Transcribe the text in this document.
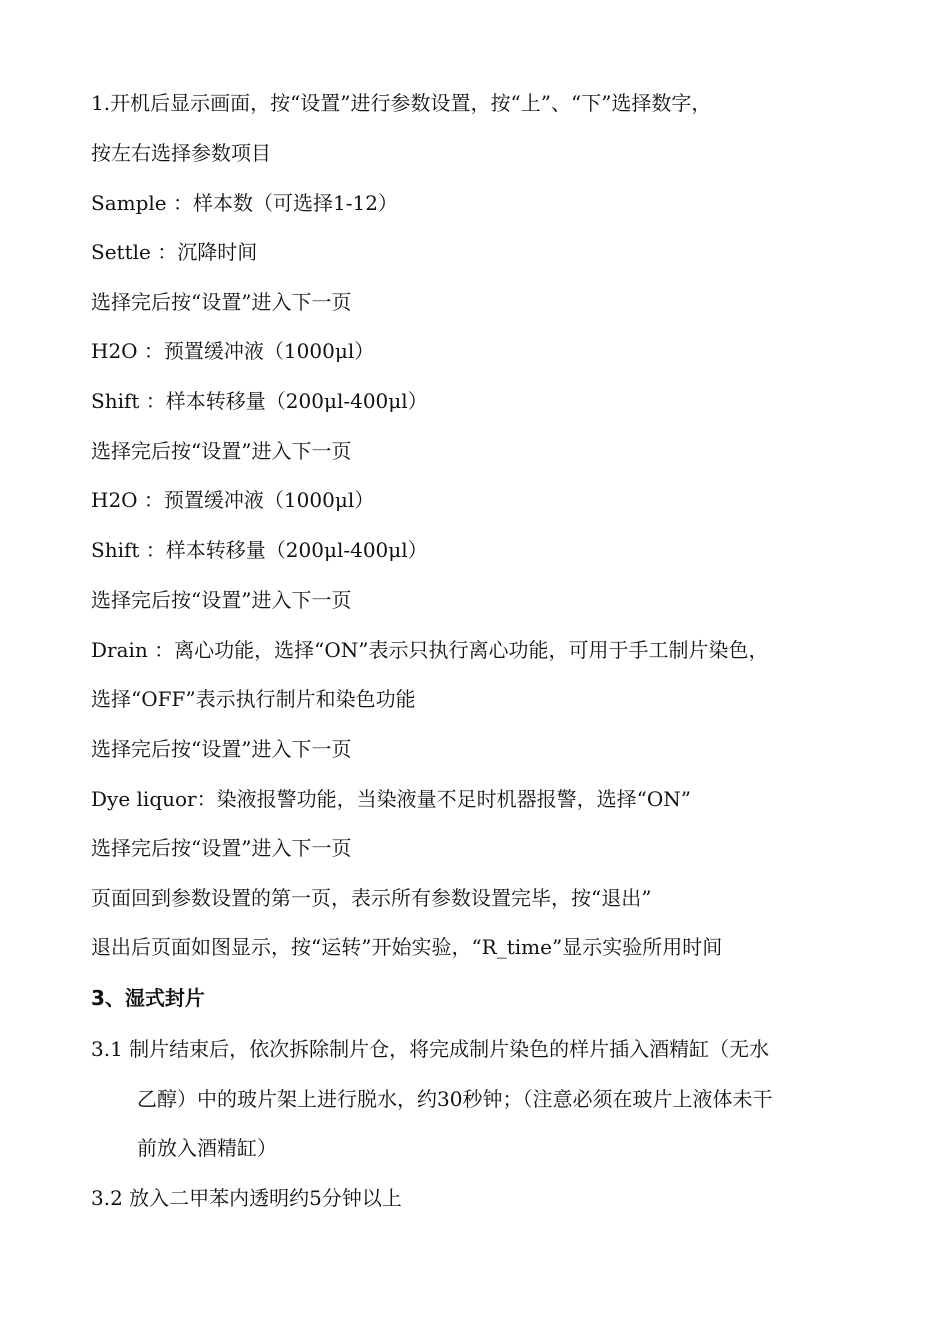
1.开机后显示画面，按“设置”进行参数设置，按“上”、“下”选择数字，
按左右选择参数项目
Sample ：样本数（可选择1-12）
Settle ：沉降时间
选择完后按“设置”进入下一页
H2O ：预置缓冲液（1000μl）
Shift ：样本转移量（200μl-400μl）
选择完后按“设置”进入下一页
H2O ：预置缓冲液（1000μl）
Shift ：样本转移量（200μl-400μl）
选择完后按“设置”进入下一页
Drain ：离心功能，选择“ON”表示只执行离心功能，可用于手工制片染色，
选择“OFF”表示执行制片和染色功能
选择完后按“设置”进入下一页
Dye liquor：染液报警功能，当染液量不足时机器报警，选择“ON”
选择完后按“设置”进入下一页
页面回到参数设置的第一页，表示所有参数设置完毕，按“退出”
退出后页面如图显示，按“运转”开始实验，“R_time”显示实验所用时间
3、湿式封片
3.1 制片结束后，依次拆除制片仓，将完成制片染色的样片插入酒精缸（无水
乙醇）中的玻片架上进行脱水，约30秒钟；（注意必须在玻片上液体未干
前放入酒精缸）
3.2 放入二甲苯内透明约5分钟以上
